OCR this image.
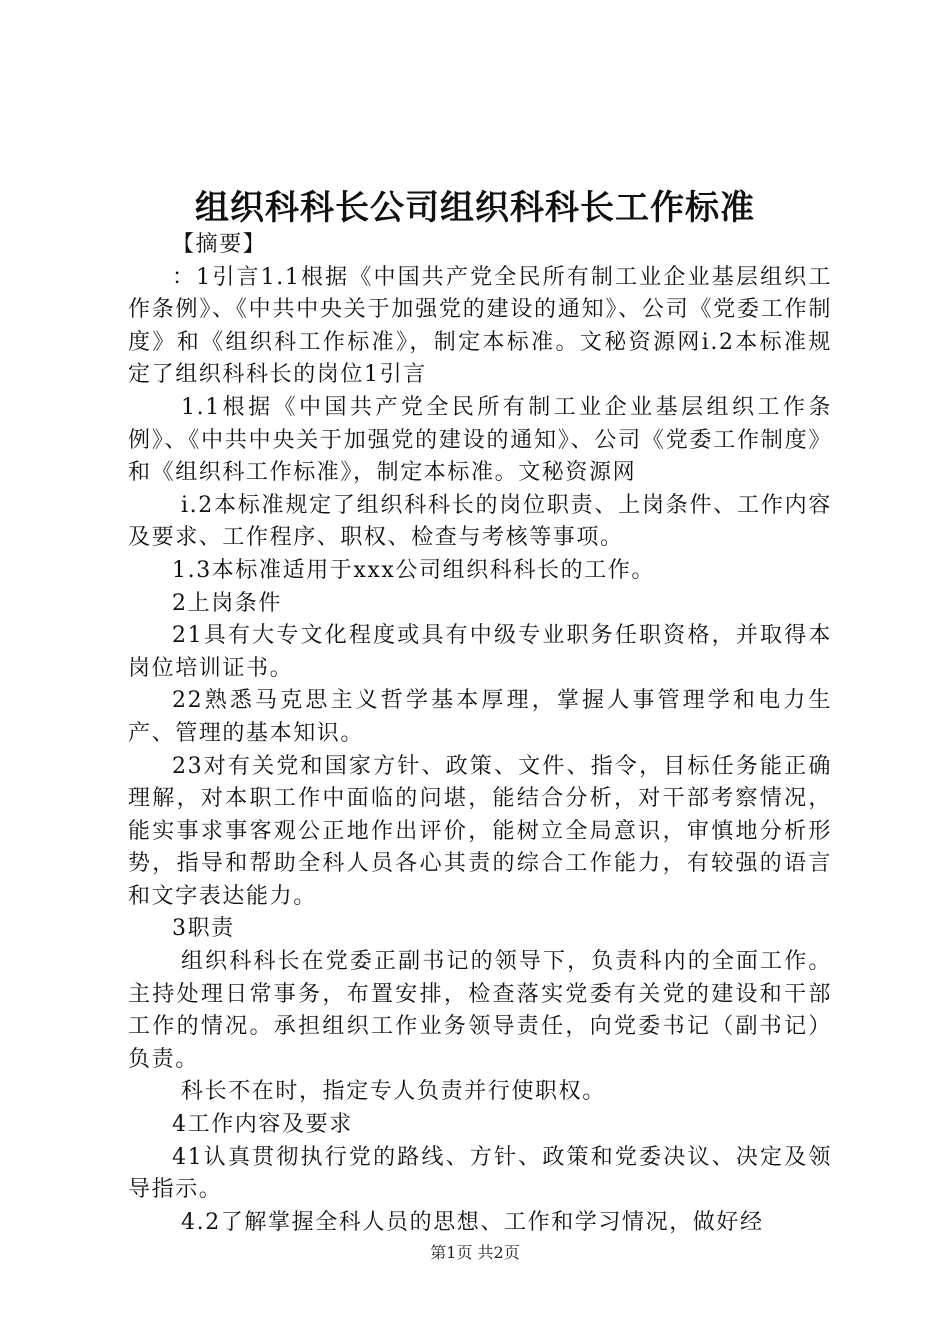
组织科科长公司组织科科长工作标准

【摘要】

：1引言1.1根据《中国共产党全民所有制工业企业基层组织工作条例》、《中共中央关于加强党的建设的通知》、公司《党委工作制度》和《组织科工作标准》，制定本标准。文秘资源网i.2本标准规定了组织科科长的岗位1引言

1.1根据《中国共产党全民所有制工业企业基层组织工作条例》、《中共中央关于加强党的建设的通知》、公司《党委工作制度》和《组织科工作标准》，制定本标准。文秘资源网

i.2本标准规定了组织科科长的岗位职责、上岗条件、工作内容及要求、工作程序、职权、检查与考核等事项。

1.3本标准适用于xxx公司组织科科长的工作。

2上岗条件

21具有大专文化程度或具有中级专业职务任职资格，并取得本岗位培训证书。

22熟悉马克思主义哲学基本厚理，掌握人事管理学和电力生产、管理的基本知识。

23对有关党和国家方针、政策、文件、指令，目标任务能正确理解，对本职工作中面临的问堪，能结合分析，对干部考察情况，能实事求事客观公正地作出评价，能树立全局意识，审慎地分析形势，指导和帮助全科人员各心其责的综合工作能力，有较强的语言和文字表达能力。

3职责

组织科科长在党委正副书记的领导下，负责科内的全面工作。主持处理日常事务，布置安排，检查落实党委有关党的建设和干部工作的情况。承担组织工作业务领导责任，向党委书记（副书记）负责。

科长不在时，指定专人负责并行使职权。

4工作内容及要求

41认真贯彻执行党的路线、方针、政策和党委决议、决定及领导指示。

4.2了解掌握全科人员的思想、工作和学习情况，做好经

第1页 共2页
